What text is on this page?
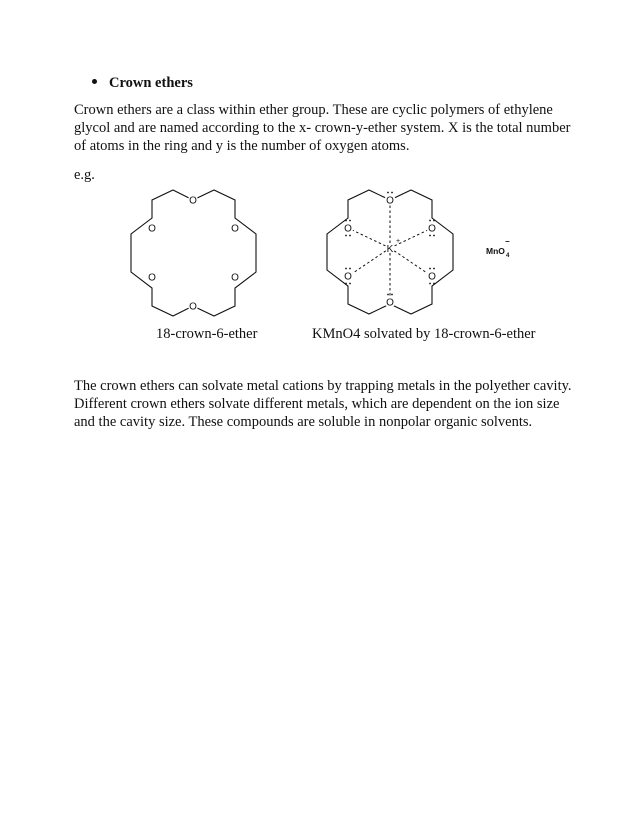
Crown ethers
Crown ethers are a class within ether group. These are cyclic polymers of ethylene glycol and are named according to the x- crown-y-ether system. X is the total number of atoms in the ring and y is the number of oxygen atoms.
e.g.
O
O	O
O	O
O
O
O	O
O	O
O
K
+
MnO 4
−
18-crown-6-ether	KMnO4 solvated by 18-crown-6-ether
The crown ethers can solvate metal cations by trapping metals in the polyether cavity. Different crown ethers solvate different metals, which are dependent on the ion size and the cavity size. These compounds are soluble in nonpolar organic solvents.
